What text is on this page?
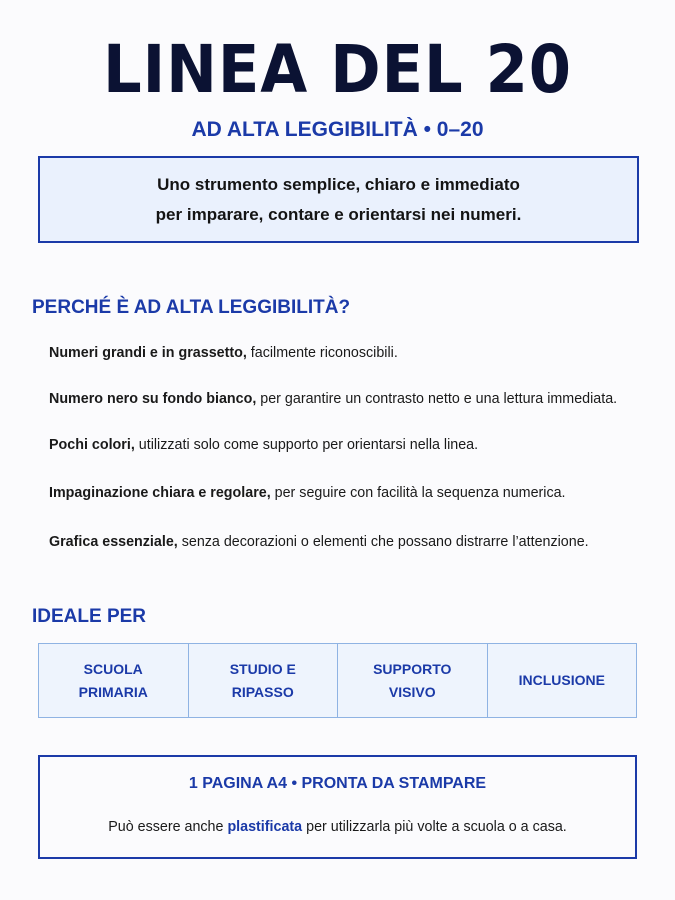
LINEA DEL 20
AD ALTA LEGGIBILITÀ • 0–20
Uno strumento semplice, chiaro e immediato
per imparare, contare e orientarsi nei numeri.
PERCHÉ È AD ALTA LEGGIBILITÀ?
Numeri grandi e in grassetto, facilmente riconoscibili.
Numero nero su fondo bianco, per garantire un contrasto netto e una lettura immediata.
Pochi colori, utilizzati solo come supporto per orientarsi nella linea.
Impaginazione chiara e regolare, per seguire con facilità la sequenza numerica.
Grafica essenziale, senza decorazioni o elementi che possano distrarre l’attenzione.
IDEALE PER
SCUOLA
PRIMARIA
STUDIO E
RIPASSO
SUPPORTO
VISIVO
INCLUSIONE
1 PAGINA A4 • PRONTA DA STAMPARE
Può essere anche plastificata per utilizzarla più volte a scuola o a casa.
